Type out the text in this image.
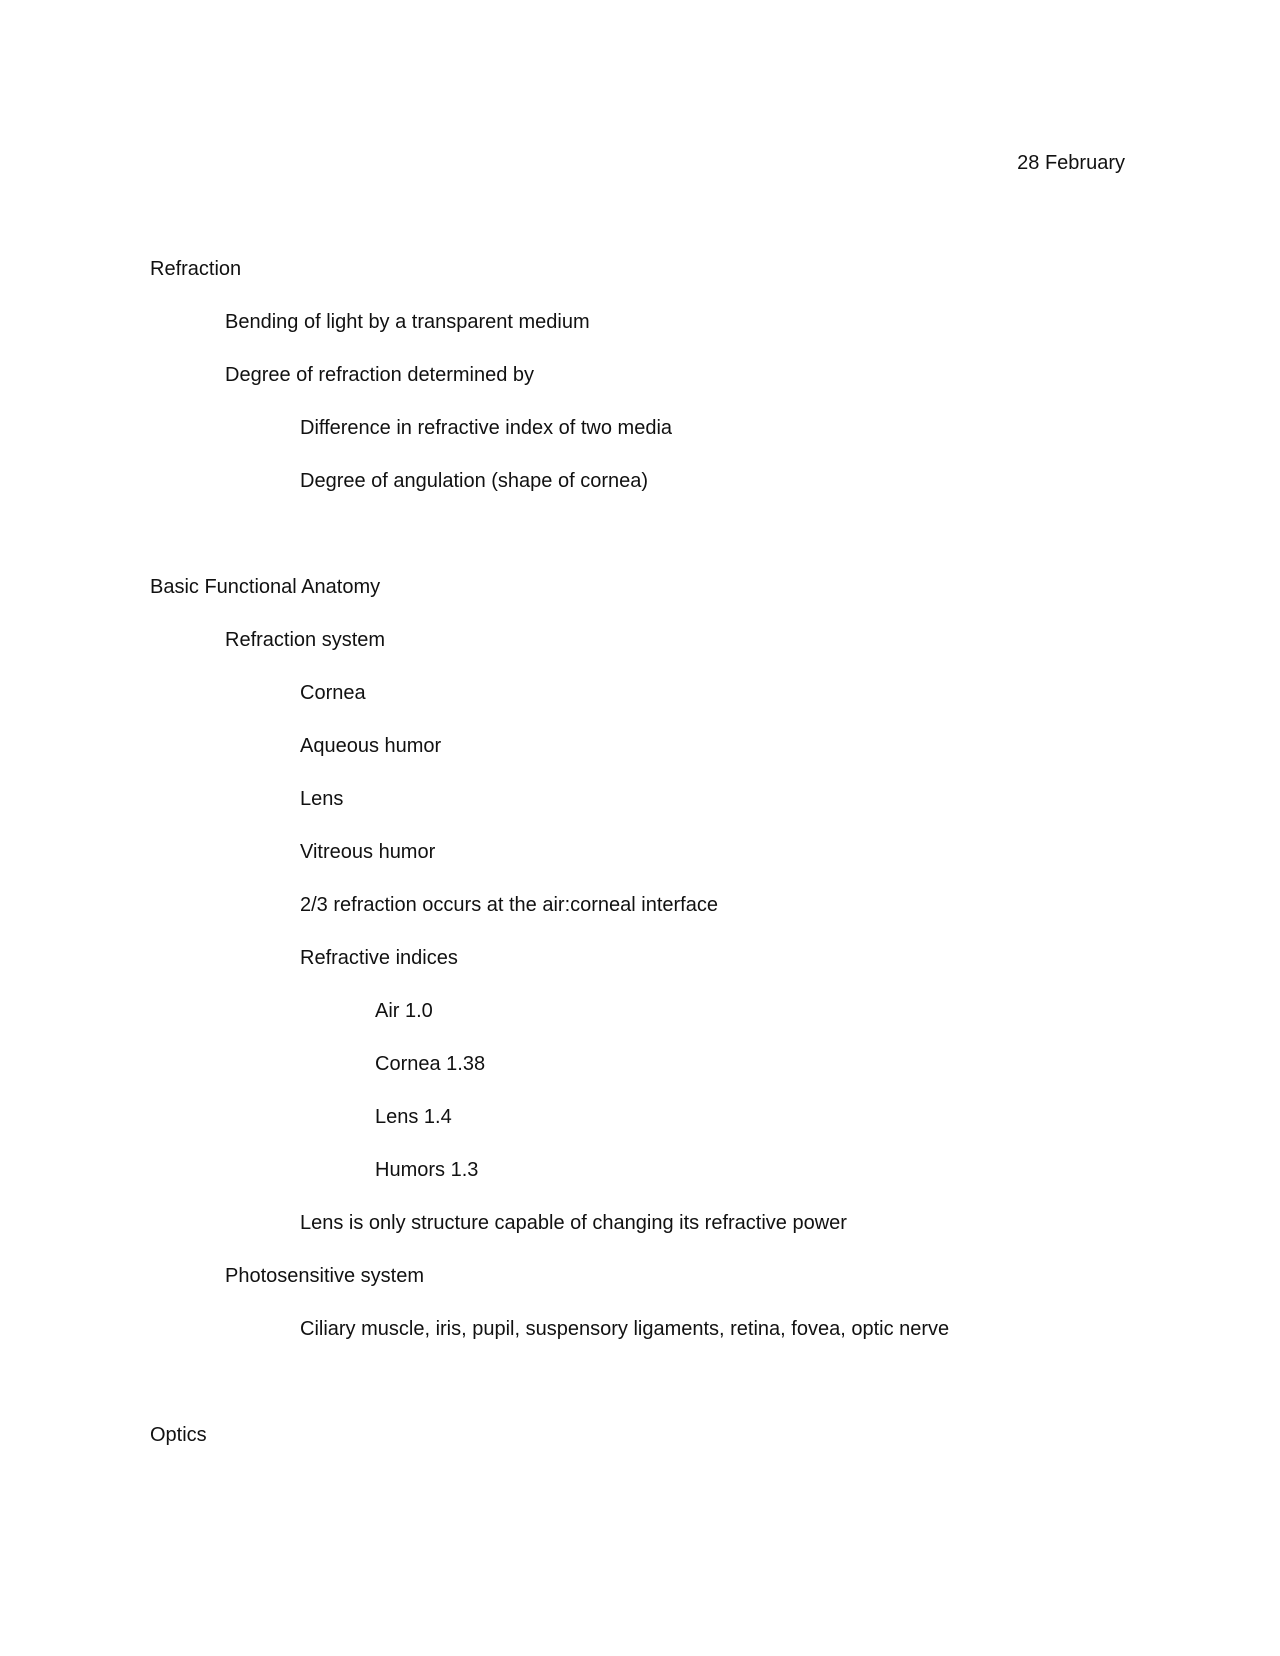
28 February
Refraction
Bending of light by a transparent medium
Degree of refraction determined by
Difference in refractive index of two media
Degree of angulation (shape of cornea)
Basic Functional Anatomy
Refraction system
Cornea
Aqueous humor
Lens
Vitreous humor
2/3 refraction occurs at the air:corneal interface
Refractive indices
Air 1.0
Cornea 1.38
Lens 1.4
Humors 1.3
Lens is only structure capable of changing its refractive power
Photosensitive system
Ciliary muscle, iris, pupil, suspensory ligaments, retina, fovea, optic nerve
Optics
